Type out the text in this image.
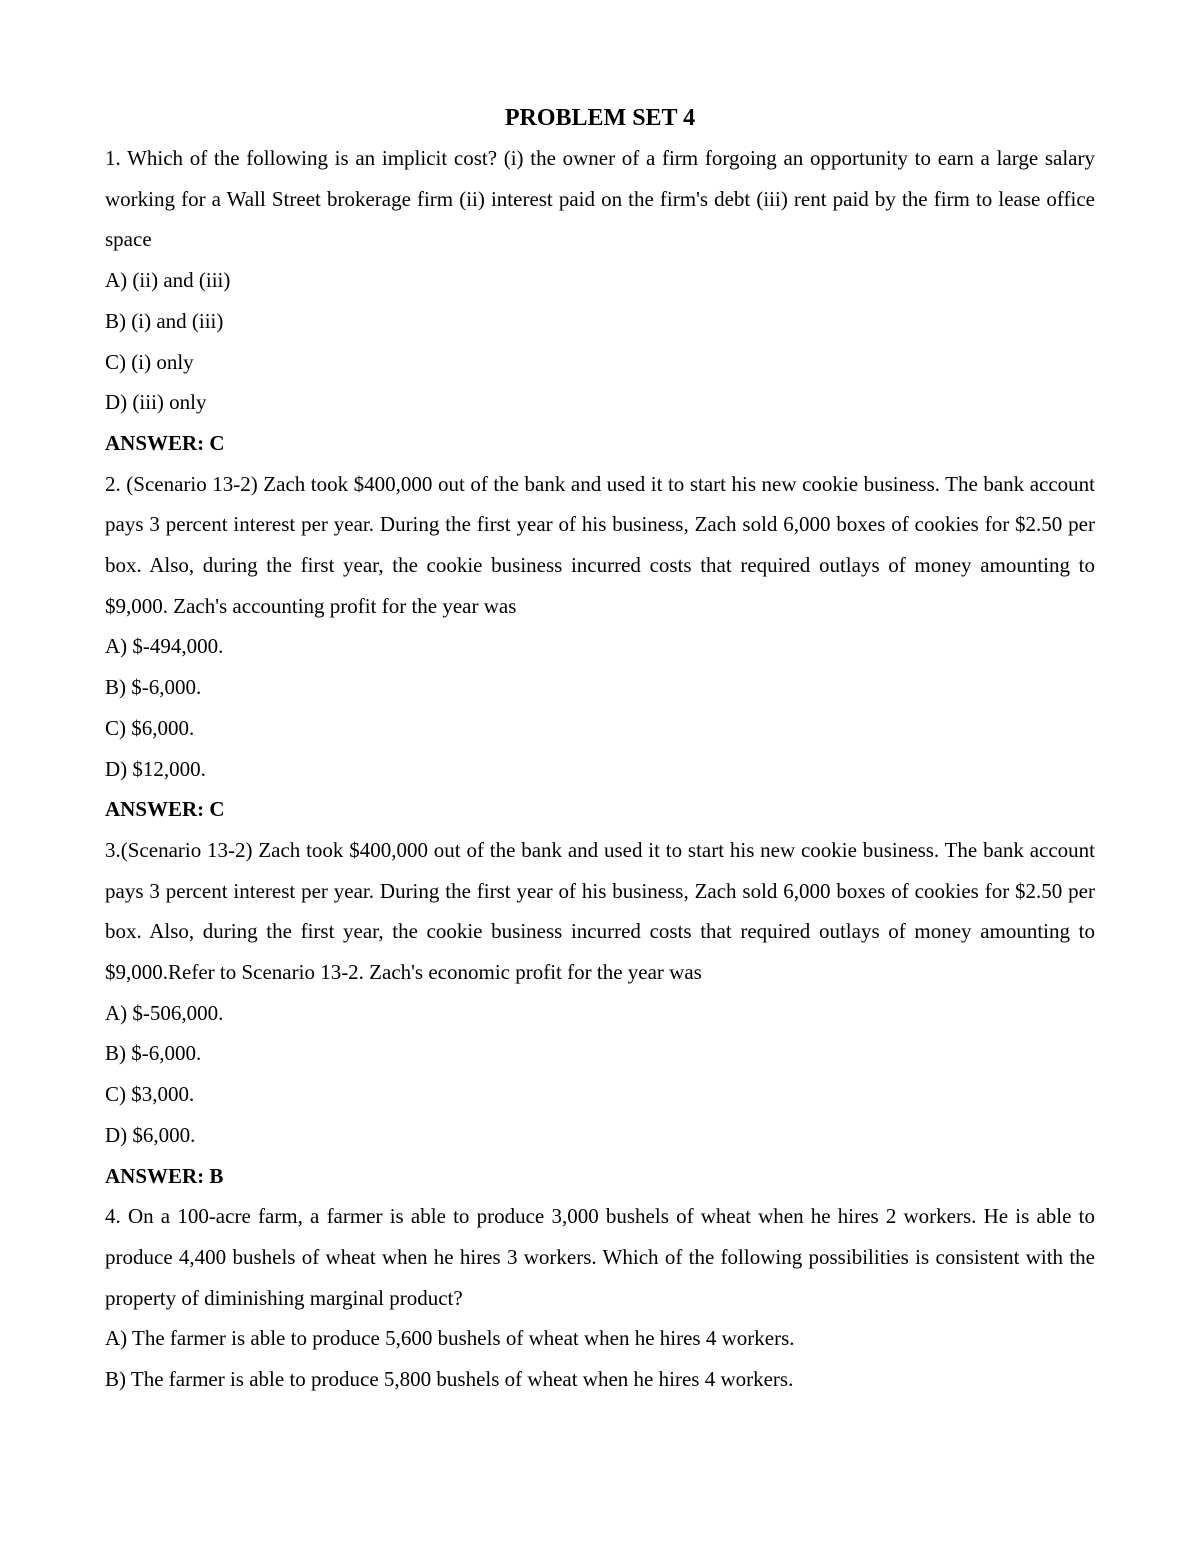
PROBLEM SET 4

1. Which of the following is an implicit cost? (i) the owner of a firm forgoing an opportunity to earn a large salary working for a Wall Street brokerage firm (ii) interest paid on the firm's debt (iii) rent paid by the firm to lease office space

A) (ii) and (iii)

B) (i) and (iii)

C) (i) only

D) (iii) only

ANSWER: C

2. (Scenario 13-2) Zach took $400,000 out of the bank and used it to start his new cookie business. The bank account pays 3 percent interest per year. During the first year of his business, Zach sold 6,000 boxes of cookies for $2.50 per box. Also, during the first year, the cookie business incurred costs that required outlays of money amounting to $9,000. Zach's accounting profit for the year was

A) $-494,000.

B) $-6,000.

C) $6,000.

D) $12,000.

ANSWER: C

3.(Scenario 13-2) Zach took $400,000 out of the bank and used it to start his new cookie business. The bank account pays 3 percent interest per year. During the first year of his business, Zach sold 6,000 boxes of cookies for $2.50 per box. Also, during the first year, the cookie business incurred costs that required outlays of money amounting to $9,000.Refer to Scenario 13-2. Zach's economic profit for the year was

A) $-506,000.

B) $-6,000.

C) $3,000.

D) $6,000.

ANSWER: B

4. On a 100-acre farm, a farmer is able to produce 3,000 bushels of wheat when he hires 2 workers. He is able to produce 4,400 bushels of wheat when he hires 3 workers. Which of the following possibilities is consistent with the property of diminishing marginal product?

A) The farmer is able to produce 5,600 bushels of wheat when he hires 4 workers.

B) The farmer is able to produce 5,800 bushels of wheat when he hires 4 workers.
